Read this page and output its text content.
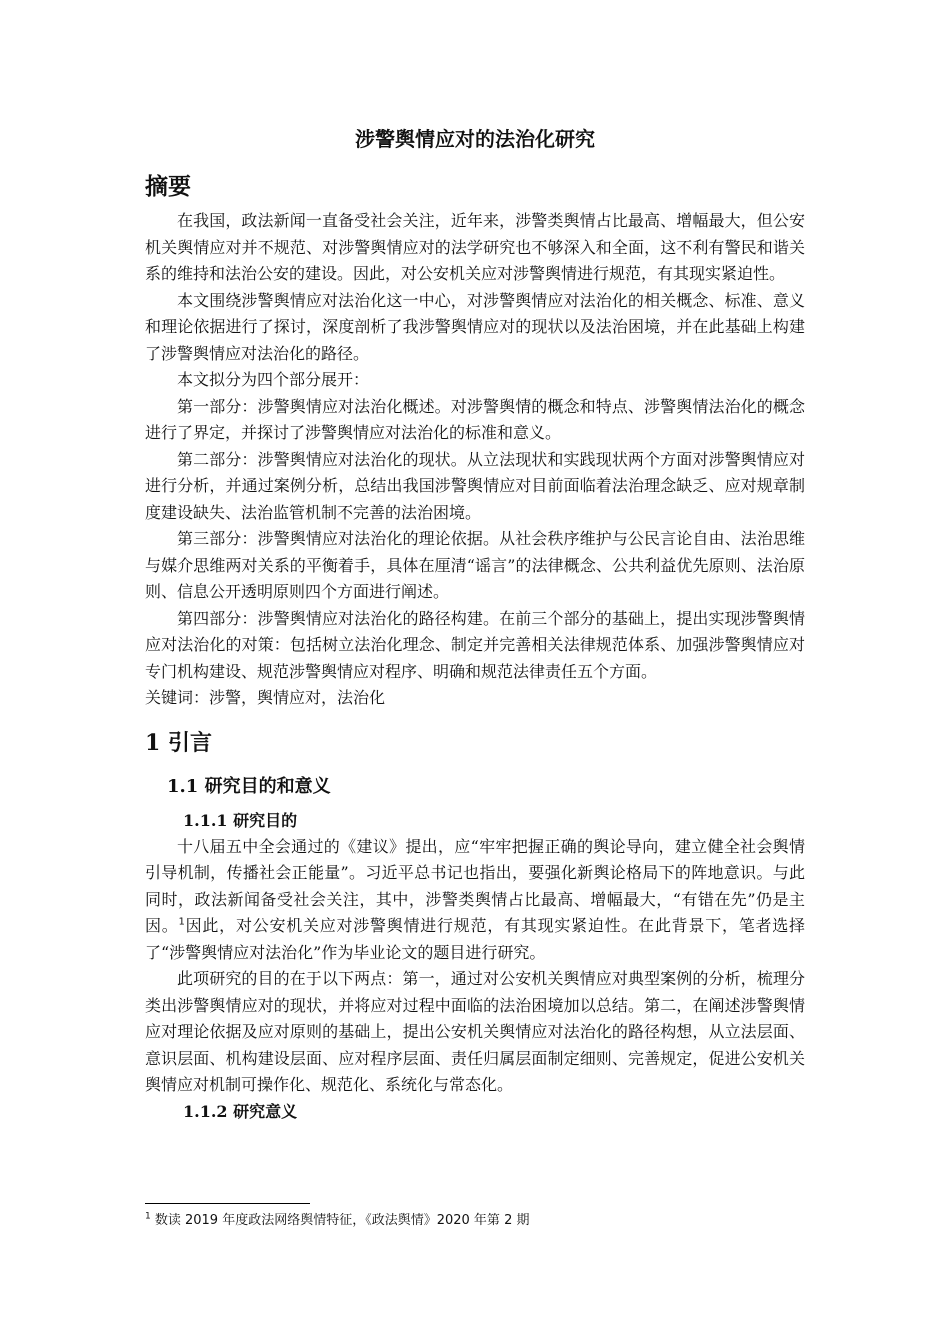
涉警舆情应对的法治化研究
摘要

在我国，政法新闻一直备受社会关注，近年来，涉警类舆情占比最高、增幅最大，但公安机关舆情应对并不规范、对涉警舆情应对的法学研究也不够深入和全面，这不利有警民和谐关系的维持和法治公安的建设。因此，对公安机关应对涉警舆情进行规范，有其现实紧迫性。

本文围绕涉警舆情应对法治化这一中心，对涉警舆情应对法治化的相关概念、标准、意义和理论依据进行了探讨，深度剖析了我涉警舆情应对的现状以及法治困境，并在此基础上构建了涉警舆情应对法治化的路径。

本文拟分为四个部分展开：

第一部分：涉警舆情应对法治化概述。对涉警舆情的概念和特点、涉警舆情法治化的概念进行了界定，并探讨了涉警舆情应对法治化的标准和意义。

第二部分：涉警舆情应对法治化的现状。从立法现状和实践现状两个方面对涉警舆情应对进行分析，并通过案例分析，总结出我国涉警舆情应对目前面临着法治理念缺乏、应对规章制度建设缺失、法治监管机制不完善的法治困境。

第三部分：涉警舆情应对法治化的理论依据。从社会秩序维护与公民言论自由、法治思维与媒介思维两对关系的平衡着手，具体在厘清“谣言”的法律概念、公共利益优先原则、法治原则、信息公开透明原则四个方面进行阐述。

第四部分：涉警舆情应对法治化的路径构建。在前三个部分的基础上，提出实现涉警舆情应对法治化的对策：包括树立法治化理念、制定并完善相关法律规范体系、加强涉警舆情应对专门机构建设、规范涉警舆情应对程序、明确和规范法律责任五个方面。

关键词：涉警，舆情应对，法治化
1 引言
1.1 研究目的和意义
1.1.1 研究目的

十八届五中全会通过的《建议》提出，应“牢牢把握正确的舆论导向，建立健全社会舆情引导机制，传播社会正能量”。习近平总书记也指出，要强化新舆论格局下的阵地意识。与此同时，政法新闻备受社会关注，其中，涉警类舆情占比最高、增幅最大，“有错在先”仍是主因。$^1$因此，对公安机关应对涉警舆情进行规范，有其现实紧迫性。在此背景下，笔者选择了“涉警舆情应对法治化”作为毕业论文的题目进行研究。

此项研究的目的在于以下两点：第一，通过对公安机关舆情应对典型案例的分析，梳理分类出涉警舆情应对的现状，并将应对过程中面临的法治困境加以总结。第二，在阐述涉警舆情应对理论依据及应对原则的基础上，提出公安机关舆情应对法治化的路径构想，从立法层面、意识层面、机构建设层面、应对程序层面、责任归属层面制定细则、完善规定，促进公安机关舆情应对机制可操作化、规范化、系统化与常态化。

1.1.2 研究意义
$^1$ 数读 2019 年度政法网络舆情特征，《政法舆情》2020 年第 2 期
